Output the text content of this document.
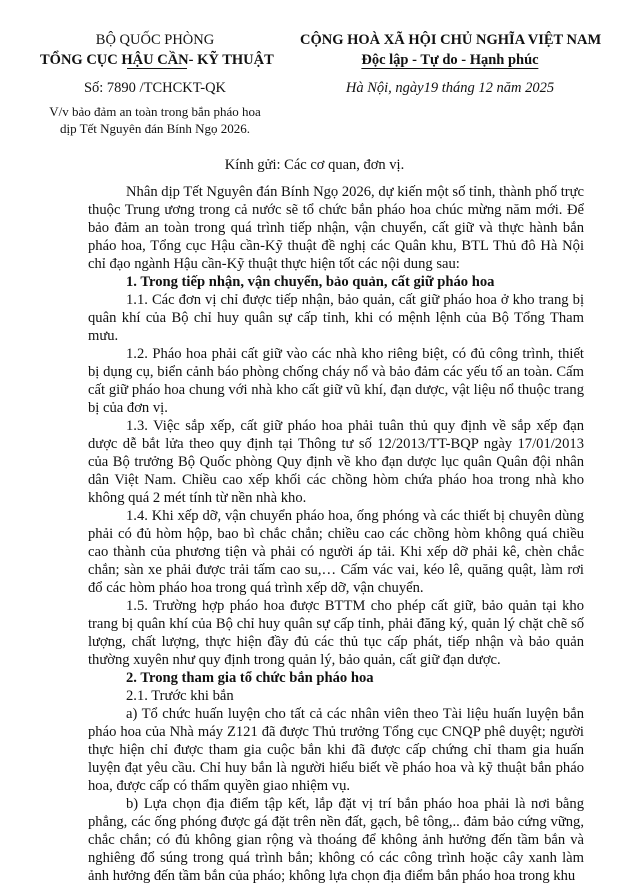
BỘ QUỐC PHÒNG
TỔNG CỤC HẬU CẦN- KỸ THUẬT
Số: 7890 /TCHCKT-QK
V/v bảo đảm an toàn trong bắn pháo hoa
dịp Tết Nguyên đán Bính Ngọ 2026.
CỘNG HOÀ XÃ HỘI CHỦ NGHĨA VIỆT NAM
Độc lập - Tự do - Hạnh phúc
Hà Nội, ngày19 tháng 12 năm 2025
Kính gửi: Các cơ quan, đơn vị.

Nhân dịp Tết Nguyên đán Bính Ngọ 2026, dự kiến một số tỉnh, thành phố trực thuộc Trung ương trong cả nước sẽ tổ chức bắn pháo hoa chúc mừng năm mới. Để bảo đảm an toàn trong quá trình tiếp nhận, vận chuyển, cất giữ và thực hành bắn pháo hoa, Tổng cục Hậu cần-Kỹ thuật đề nghị các Quân khu, BTL Thủ đô Hà Nội chỉ đạo ngành Hậu cần-Kỹ thuật thực hiện tốt các nội dung sau:

1. Trong tiếp nhận, vận chuyển, bảo quản, cất giữ pháo hoa

1.1. Các đơn vị chỉ được tiếp nhận, bảo quản, cất giữ pháo hoa ở kho trang bị quân khí của Bộ chỉ huy quân sự cấp tỉnh, khi có mệnh lệnh của Bộ Tổng Tham mưu.

1.2. Pháo hoa phải cất giữ vào các nhà kho riêng biệt, có đủ công trình, thiết bị dụng cụ, biển cảnh báo phòng chống cháy nổ và bảo đảm các yếu tố an toàn. Cấm cất giữ pháo hoa chung với nhà kho cất giữ vũ khí, đạn dược, vật liệu nổ thuộc trang bị của đơn vị.

1.3. Việc sắp xếp, cất giữ pháo hoa phải tuân thủ quy định về sắp xếp đạn dược dễ bắt lửa theo quy định tại Thông tư số 12/2013/TT-BQP ngày 17/01/2013 của Bộ trưởng Bộ Quốc phòng Quy định về kho đạn dược lục quân Quân đội nhân dân Việt Nam. Chiều cao xếp khối các chồng hòm chứa pháo hoa trong nhà kho không quá 2 mét tính từ nền nhà kho.

1.4. Khi xếp dỡ, vận chuyển pháo hoa, ống phóng và các thiết bị chuyên dùng phải có đủ hòm hộp, bao bì chắc chắn; chiều cao các chồng hòm không quá chiều cao thành của phương tiện và phải có người áp tải. Khi xếp dỡ phải kê, chèn chắc chắn; sàn xe phải được trải tấm cao su,… Cấm vác vai, kéo lê, quăng quật, làm rơi đổ các hòm pháo hoa trong quá trình xếp dỡ, vận chuyển.

1.5. Trường hợp pháo hoa được BTTM cho phép cất giữ, bảo quản tại kho trang bị quân khí của Bộ chỉ huy quân sự cấp tỉnh, phải đăng ký, quản lý chặt chẽ số lượng, chất lượng, thực hiện đầy đủ các thủ tục cấp phát, tiếp nhận và bảo quản thường xuyên như quy định trong quản lý, bảo quản, cất giữ đạn dược.

2. Trong tham gia tổ chức bắn pháo hoa

2.1. Trước khi bắn

a) Tổ chức huấn luyện cho tất cả các nhân viên theo Tài liệu huấn luyện bắn pháo hoa của Nhà máy Z121 đã được Thủ trưởng Tổng cục CNQP phê duyệt; người thực hiện chỉ được tham gia cuộc bắn khi đã được cấp chứng chỉ tham gia huấn luyện đạt yêu cầu. Chỉ huy bắn là người hiểu biết về pháo hoa và kỹ thuật bắn pháo hoa, được cấp có thẩm quyền giao nhiệm vụ.

b) Lựa chọn địa điểm tập kết, lắp đặt vị trí bắn pháo hoa phải là nơi bằng phẳng, các ống phóng được gá đặt trên nền đất, gạch, bê tông,.. đảm bảo cứng vững, chắc chắn; có đủ không gian rộng và thoáng để không ảnh hưởng đến tầm bắn và nghiêng đổ súng trong quá trình bắn; không có các công trình hoặc cây xanh làm ảnh hưởng đến tầm bắn của pháo; không lựa chọn địa điểm bắn pháo hoa trong khu
